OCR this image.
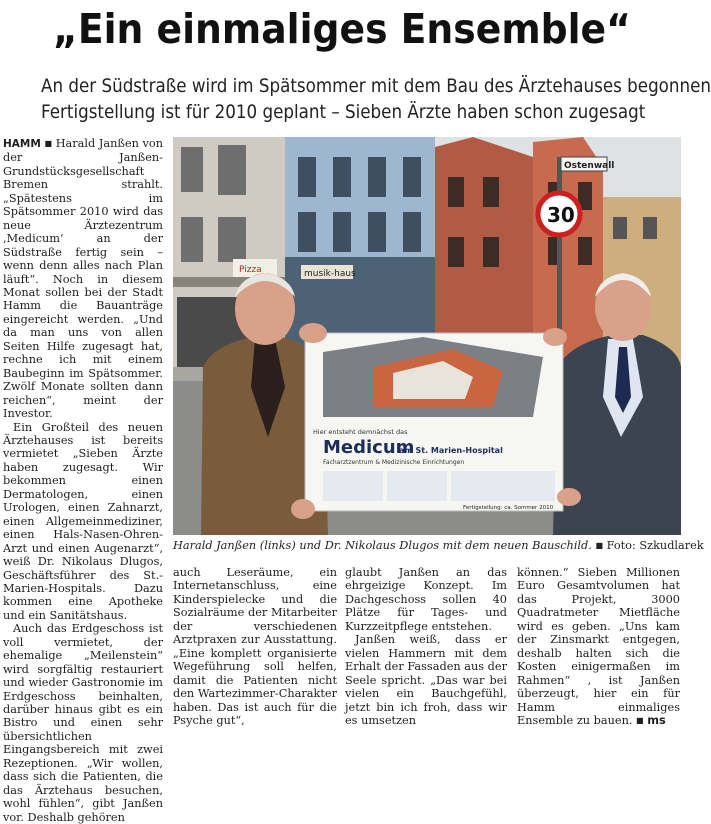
„Ein einmaliges Ensemble“
An der Südstraße wird im Spätsommer mit dem Bau des Ärztehauses begonnen
Fertigstellung ist für 2010 geplant – Sieben Ärzte haben schon zugesagt

HAMM ■ Harald Janßen von der Janßen-Grundstücksgesellschaft Bremen strahlt. „Spätestens im Spätsommer 2010 wird das neue Ärztezentrum ‚Medicum‘ an der Südstraße fertig sein – wenn denn alles nach Plan läuft“. Noch in diesem Monat sollen bei der Stadt Hamm die Bauanträge eingereicht werden. „Und da man uns von allen Seiten Hilfe zugesagt hat, rechne ich mit einem Baubeginn im Spätsommer. Zwölf Monate sollten dann reichen“, meint der Investor.

Ein Großteil des neuen Ärztehauses ist bereits vermietet „Sieben Ärzte haben zugesagt. Wir bekommen einen Dermatologen, einen Urologen, einen Zahnarzt, einen Allgemeinmediziner, einen Hals-Nasen-Ohren-Arzt und einen Augenarzt“, weiß Dr. Nikolaus Dlugos, Geschäftsführer des St.-Marien-Hospitals. Dazu kommen eine Apotheke und ein Sanitätshaus.

Auch das Erdgeschoss ist voll vermietet, der ehemalige „Meilenstein“ wird sorgfältig restauriert und wieder Gastronomie im Erdgeschoss beinhalten, darüber hinaus gibt es ein Bistro und einen sehr übersichtlichen Eingangsbereich mit zwei Rezeptionen. „Wir wollen, dass sich die Patienten, die das Ärztehaus besuchen, wohl fühlen“, gibt Janßen vor. Deshalb gehören

Pizza	musik-haus
Ostenwall
30
Hier entsteht demnächst das
Medicum
am St. Marien-Hospital
Facharztzentrum & Medizinische Einrichtungen
Fertigstellung: ca. Sommer 2010
Harald Janßen (links) und Dr. Nikolaus Dlugos mit dem neuen Bauschild. ■ Foto: Szkudlarek

auch Leseräume, ein Internetanschluss, eine Kinderspielecke und die Sozialräume der Mitarbeiter der verschiedenen Arztpraxen zur Ausstattung. „Eine komplett organisierte Wegeführung soll helfen, damit die Patienten nicht den Wartezimmer-Charakter haben. Das ist auch für die Psyche gut“,

glaubt Janßen an das ehrgeizige Konzept. Im Dachgeschoss sollen 40 Plätze für Tages- und Kurzzeitpflege entstehen.

Janßen weiß, dass er vielen Hammern mit dem Erhalt der Fassaden aus der Seele spricht. „Das war bei vielen ein Bauchgefühl, jetzt bin ich froh, dass wir es umsetzen

können.“ Sieben Millionen Euro Gesamtvolumen hat das Projekt, 3000 Quadratmeter Mietfläche wird es geben. „Uns kam der Zinsmarkt entgegen, deshalb halten sich die Kosten einigermaßen im Rahmen“ , ist Janßen überzeugt, hier ein für Hamm einmaliges Ensemble zu bauen. ■ ms
